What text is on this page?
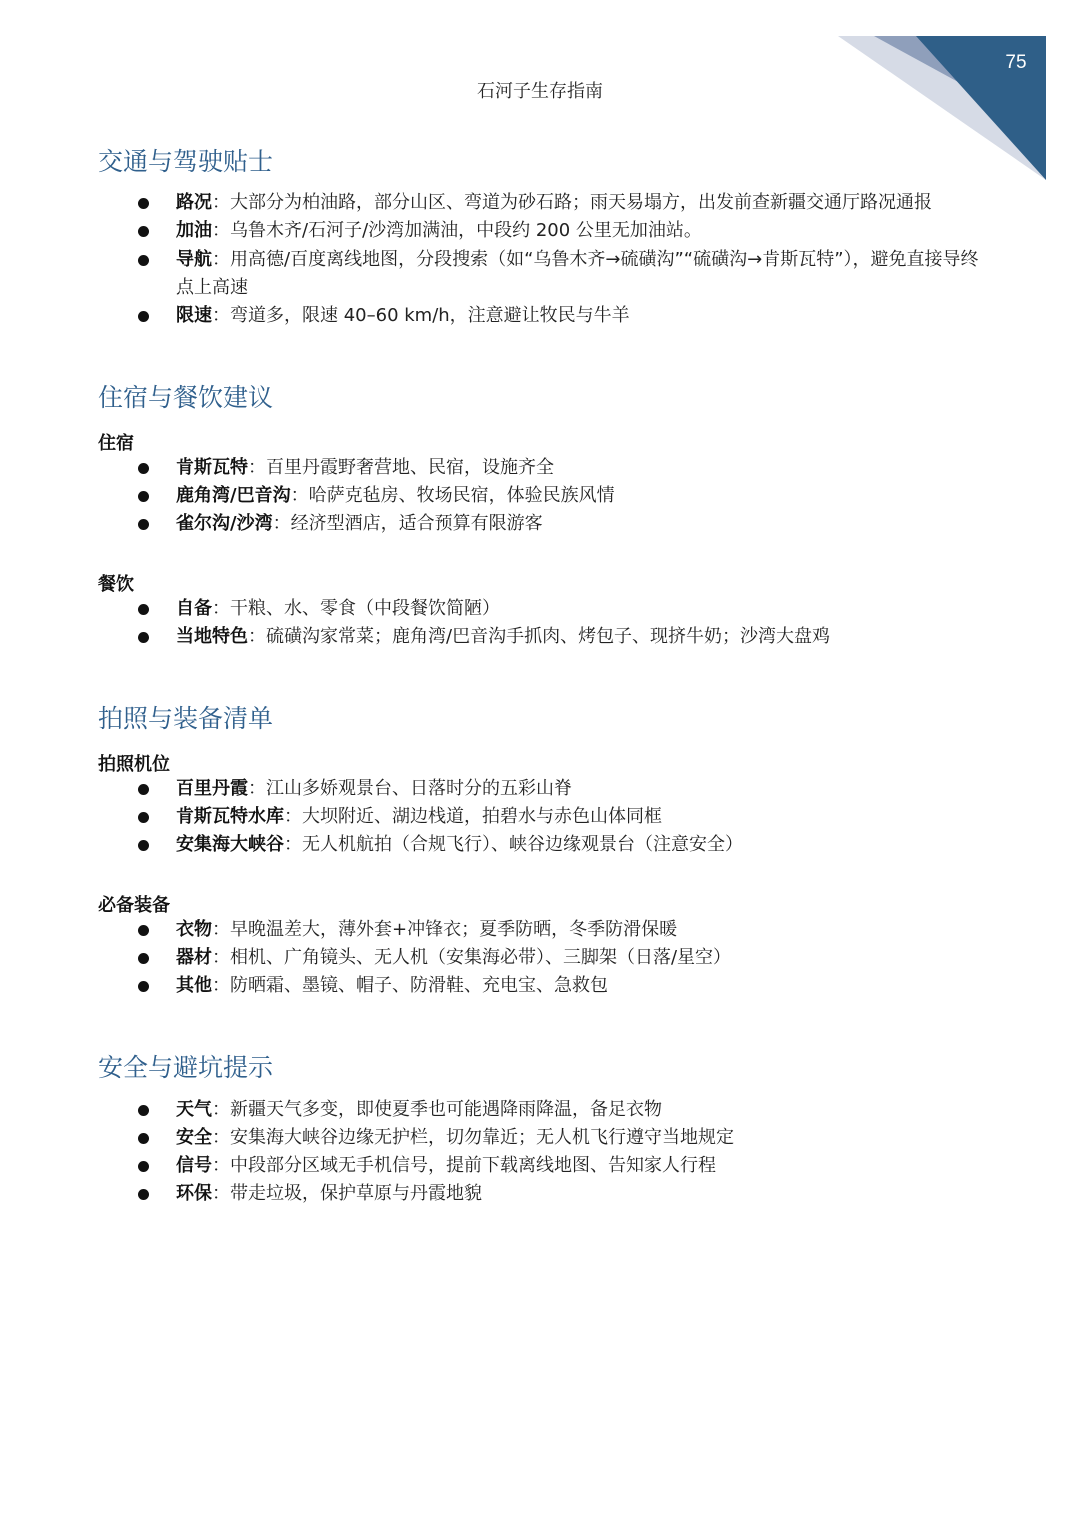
75
石河子生存指南
交通与驾驶贴士
路况：大部分为柏油路，部分山区、弯道为砂石路；雨天易塌方，出发前查新疆交通厅路况通报
加油：乌鲁木齐/石河子/沙湾加满油，中段约 200 公里无加油站。
导航：用高德/百度离线地图，分段搜索（如“乌鲁木齐→硫磺沟”“硫磺沟→肯斯瓦特”），避免直接导终点上高速
限速：弯道多，限速 40–60 km/h，注意避让牧民与牛羊
住宿与餐饮建议
住宿
肯斯瓦特：百里丹霞野奢营地、民宿，设施齐全
鹿角湾/巴音沟：哈萨克毡房、牧场民宿，体验民族风情
雀尔沟/沙湾：经济型酒店，适合预算有限游客
餐饮
自备：干粮、水、零食（中段餐饮简陋）
当地特色：硫磺沟家常菜；鹿角湾/巴音沟手抓肉、烤包子、现挤牛奶；沙湾大盘鸡
拍照与装备清单
拍照机位
百里丹霞：江山多娇观景台、日落时分的五彩山脊
肯斯瓦特水库：大坝附近、湖边栈道，拍碧水与赤色山体同框
安集海大峡谷：无人机航拍（合规飞行）、峡谷边缘观景台（注意安全）
必备装备
衣物：早晚温差大，薄外套+冲锋衣；夏季防晒，冬季防滑保暖
器材：相机、广角镜头、无人机（安集海必带）、三脚架（日落/星空）
其他：防晒霜、墨镜、帽子、防滑鞋、充电宝、急救包
安全与避坑提示
天气：新疆天气多变，即使夏季也可能遇降雨降温，备足衣物
安全：安集海大峡谷边缘无护栏，切勿靠近；无人机飞行遵守当地规定
信号：中段部分区域无手机信号，提前下载离线地图、告知家人行程
环保：带走垃圾，保护草原与丹霞地貌
